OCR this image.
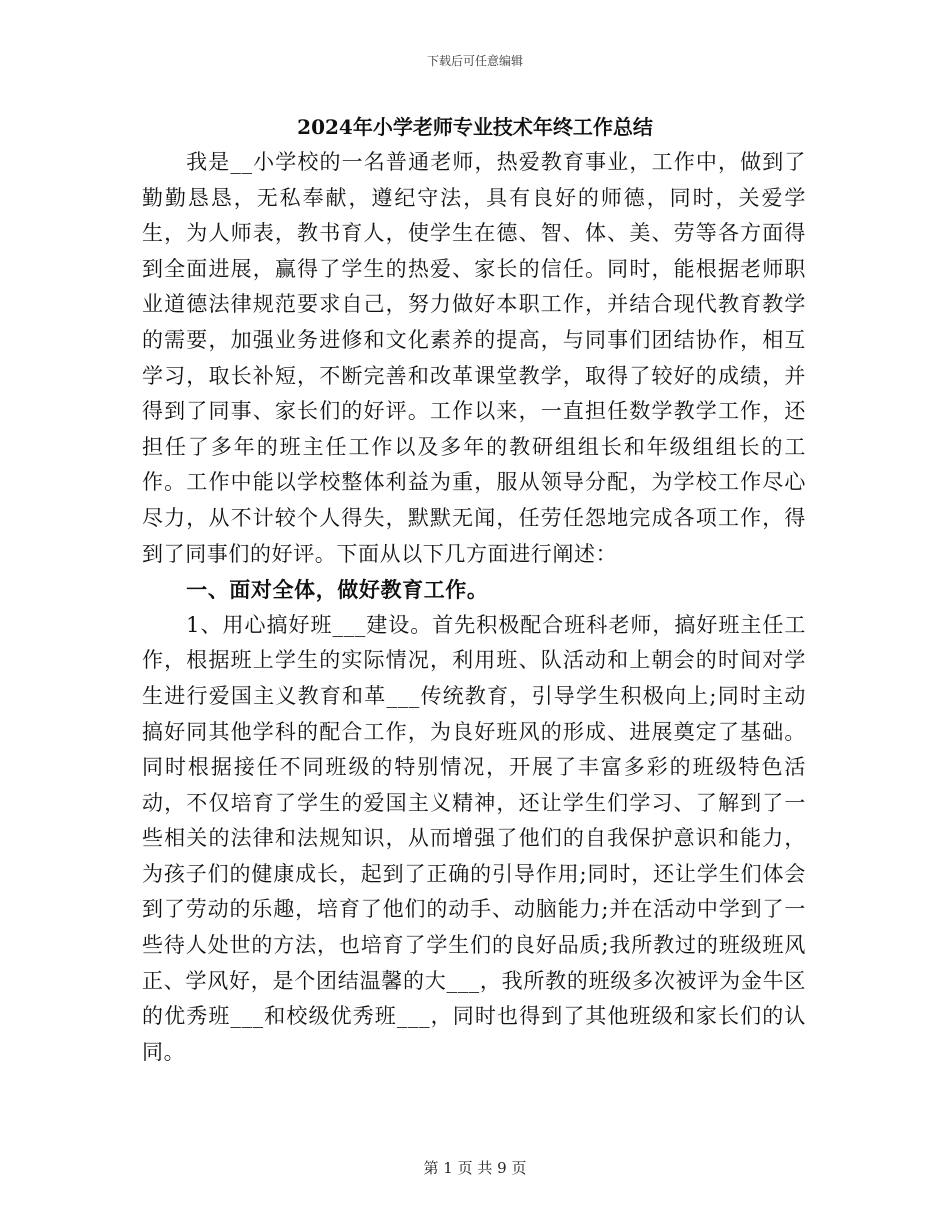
下载后可任意编辑
2024年小学老师专业技术年终工作总结

我是__小学校的一名普通老师，热爱教育事业，工作中，做到了勤勤恳恳，无私奉献，遵纪守法，具有良好的师德，同时，关爱学生，为人师表，教书育人，使学生在德、智、体、美、劳等各方面得到全面进展，赢得了学生的热爱、家长的信任。同时，能根据老师职业道德法律规范要求自己，努力做好本职工作，并结合现代教育教学的需要，加强业务进修和文化素养的提高，与同事们团结协作，相互学习，取长补短，不断完善和改革课堂教学，取得了较好的成绩，并得到了同事、家长们的好评。工作以来，一直担任数学教学工作，还担任了多年的班主任工作以及多年的教研组组长和年级组组长的工作。工作中能以学校整体利益为重，服从领导分配，为学校工作尽心尽力，从不计较个人得失，默默无闻，任劳任怨地完成各项工作，得到了同事们的好评。下面从以下几方面进行阐述：

一、面对全体，做好教育工作。

1、用心搞好班___建设。首先积极配合班科老师，搞好班主任工作，根据班上学生的实际情况，利用班、队活动和上朝会的时间对学生进行爱国主义教育和革___传统教育，引导学生积极向上;同时主动搞好同其他学科的配合工作，为良好班风的形成、进展奠定了基础。同时根据接任不同班级的特别情况，开展了丰富多彩的班级特色活动，不仅培育了学生的爱国主义精神，还让学生们学习、了解到了一些相关的法律和法规知识，从而增强了他们的自我保护意识和能力，为孩子们的健康成长，起到了正确的引导作用;同时，还让学生们体会到了劳动的乐趣，培育了他们的动手、动脑能力;并在活动中学到了一些待人处世的方法，也培育了学生们的良好品质;我所教过的班级班风正、学风好，是个团结温馨的大___，我所教的班级多次被评为金牛区的优秀班___和校级优秀班___，同时也得到了其他班级和家长们的认同。

第 1 页 共 9 页
